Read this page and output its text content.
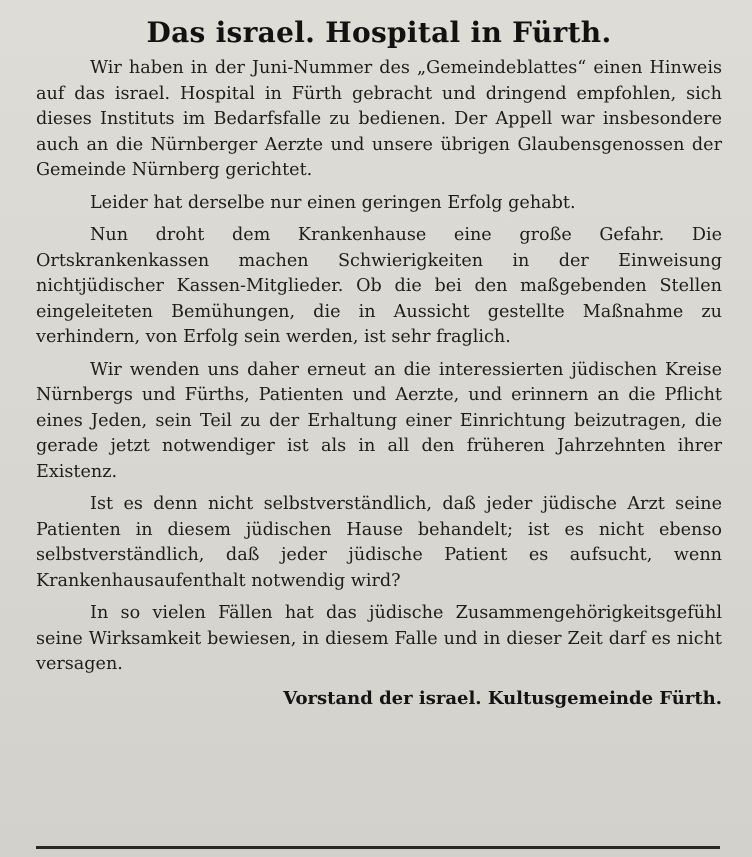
Das israel. Hospital in Fürth.

Wir haben in der Juni-Nummer des „Gemeindeblattes“ einen Hinweis auf das israel. Hospital in Fürth gebracht und dringend empfohlen, sich dieses Instituts im Bedarfsfalle zu bedienen. Der Appell war insbesondere auch an die Nürnberger Aerzte und unsere übrigen Glaubensgenossen der Gemeinde Nürnberg gerichtet.

Leider hat derselbe nur einen geringen Erfolg gehabt.

Nun droht dem Krankenhause eine große Gefahr. Die Ortskrankenkassen machen Schwierigkeiten in der Einweisung nichtjüdischer Kassen-Mitglieder. Ob die bei den maßgebenden Stellen eingeleiteten Bemühungen, die in Aussicht gestellte Maßnahme zu verhindern, von Erfolg sein werden, ist sehr fraglich.

Wir wenden uns daher erneut an die interessierten jüdischen Kreise Nürnbergs und Fürths, Patienten und Aerzte, und erinnern an die Pflicht eines Jeden, sein Teil zu der Erhaltung einer Einrichtung beizutragen, die gerade jetzt notwendiger ist als in all den früheren Jahrzehnten ihrer Existenz.

Ist es denn nicht selbstverständlich, daß jeder jüdische Arzt seine Patienten in diesem jüdischen Hause behandelt; ist es nicht ebenso selbstverständlich, daß jeder jüdische Patient es aufsucht, wenn Krankenhausaufenthalt notwendig wird?

In so vielen Fällen hat das jüdische Zusammengehörigkeitsgefühl seine Wirksamkeit bewiesen, in diesem Falle und in dieser Zeit darf es nicht versagen.

Vorstand der israel. Kultusgemeinde Fürth.
